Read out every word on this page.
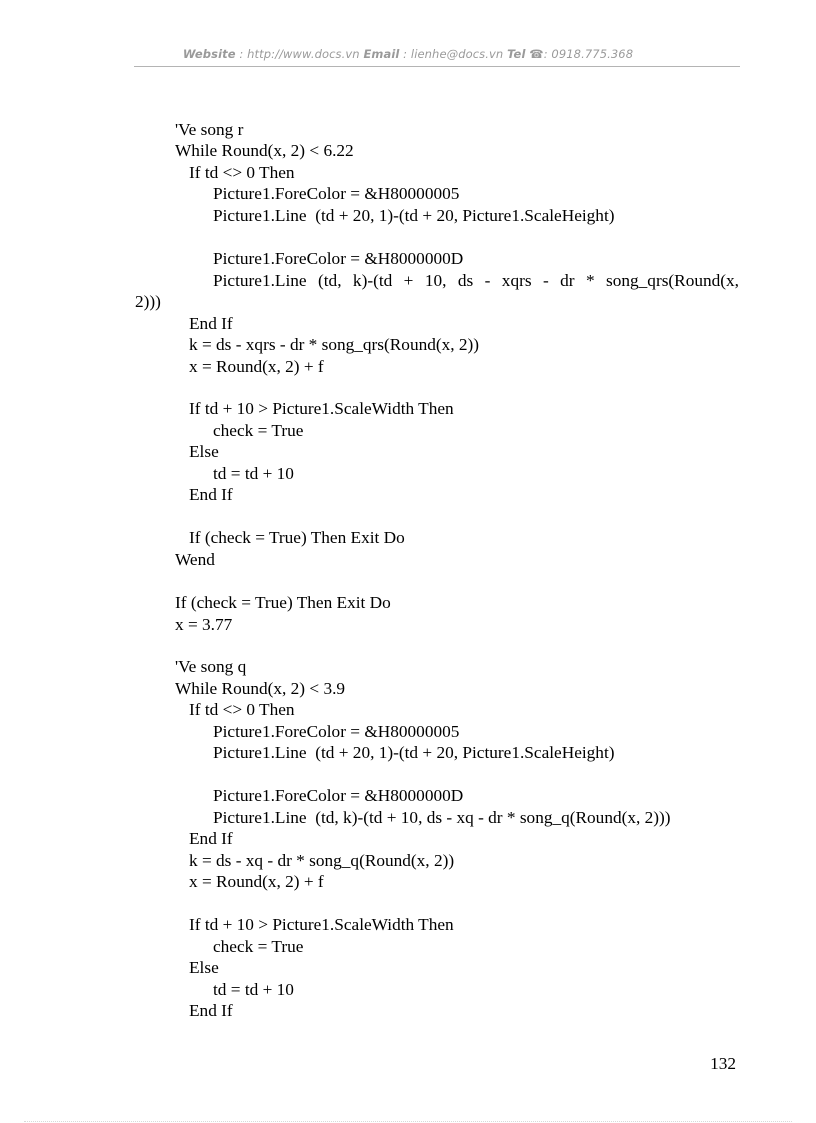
Website : http://www.docs.vn Email : lienhe@docs.vn Tel ☎: 0918.775.368
'Ve song r
While Round(x, 2) < 6.22
If td <> 0 Then
Picture1.ForeColor = &H80000005
Picture1.Line  (td + 20, 1)-(td + 20, Picture1.ScaleHeight)
Picture1.ForeColor = &H8000000D
Picture1.Line (td, k)-(td + 10, ds - xqrs - dr * song_qrs(Round(x,
2)))
End If
k = ds - xqrs - dr * song_qrs(Round(x, 2))
x = Round(x, 2) + f
If td + 10 > Picture1.ScaleWidth Then
check = True
Else
td = td + 10
End If
If (check = True) Then Exit Do
Wend
If (check = True) Then Exit Do
x = 3.77
'Ve song q
While Round(x, 2) < 3.9
If td <> 0 Then
Picture1.ForeColor = &H80000005
Picture1.Line  (td + 20, 1)-(td + 20, Picture1.ScaleHeight)
Picture1.ForeColor = &H8000000D
Picture1.Line  (td, k)-(td + 10, ds - xq - dr * song_q(Round(x, 2)))
End If
k = ds - xq - dr * song_q(Round(x, 2))
x = Round(x, 2) + f
If td + 10 > Picture1.ScaleWidth Then
check = True
Else
td = td + 10
End If
132
